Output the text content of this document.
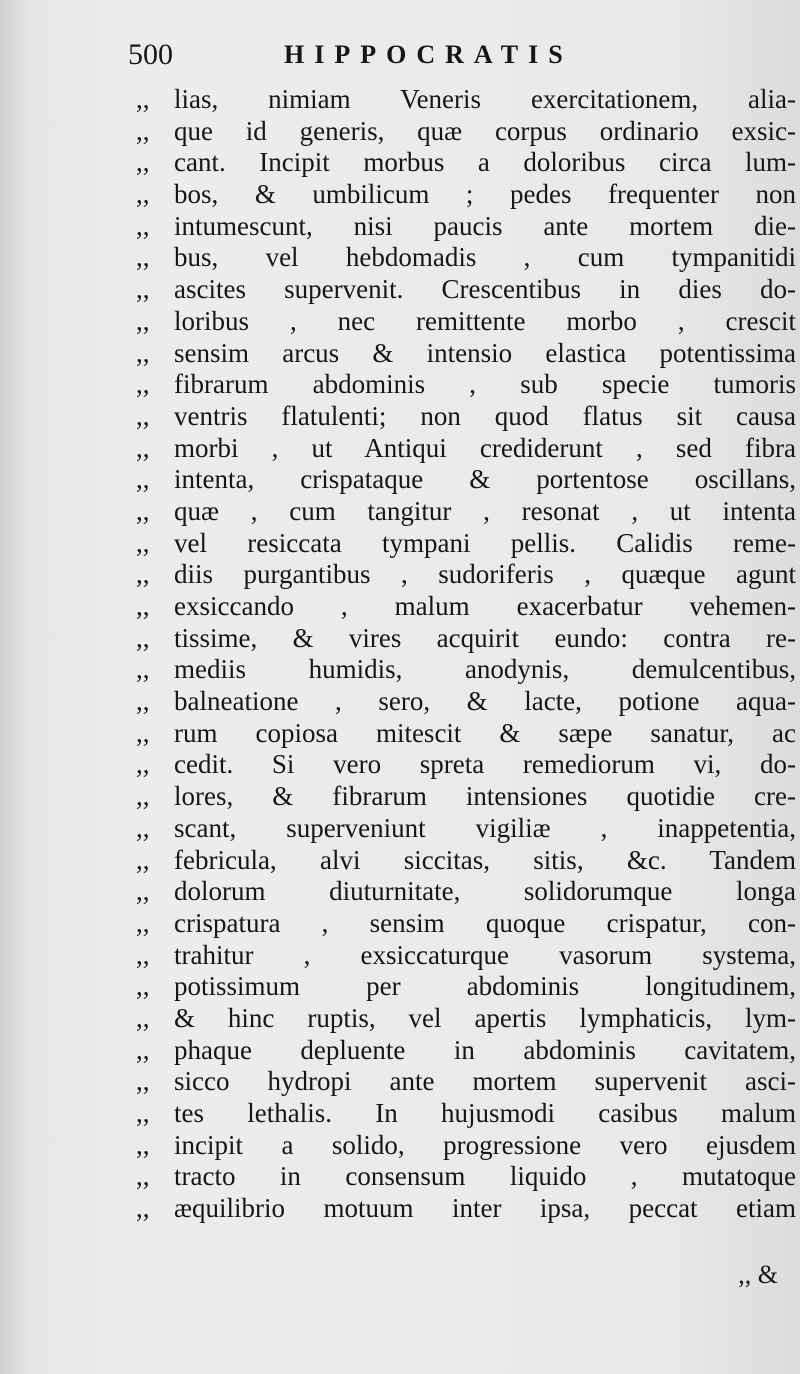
500	HIPPOCRATIS
,, lias, nimiam Veneris exercitationem, alia-
,, que id generis, quæ corpus ordinario exsic-
,, cant. Incipit morbus a doloribus circa lum-
,, bos, & umbilicum ; pedes frequenter non
,, intumescunt, nisi paucis ante mortem die-
,, bus, vel hebdomadis , cum tympanitidi
,, ascites supervenit. Crescentibus in dies do-
,, loribus , nec remittente morbo , crescit
,, sensim arcus & intensio elastica potentissima
,, fibrarum abdominis , sub specie tumoris
,, ventris flatulenti; non quod flatus sit causa
,, morbi , ut Antiqui crediderunt , sed fibra
,, intenta, crispataque & portentose oscillans,
,, quæ , cum tangitur , resonat , ut intenta
,, vel resiccata tympani pellis. Calidis reme-
,, diis purgantibus , sudoriferis , quæque agunt
,, exsiccando , malum exacerbatur vehemen-
,, tissime, & vires acquirit eundo: contra re-
,, mediis humidis, anodynis, demulcentibus,
,, balneatione , sero, & lacte, potione aqua-
,, rum copiosa mitescit & sæpe sanatur, ac
,, cedit. Si vero spreta remediorum vi, do-
,, lores, & fibrarum intensiones quotidie cre-
,, scant, superveniunt vigiliæ , inappetentia,
,, febricula, alvi siccitas, sitis, &c. Tandem
,, dolorum diuturnitate, solidorumque longa
,, crispatura , sensim quoque crispatur, con-
,, trahitur , exsiccaturque vasorum systema,
,, potissimum per abdominis longitudinem,
,, & hinc ruptis, vel apertis lymphaticis, lym-
,, phaque depluente in abdominis cavitatem,
,, sicco hydropi ante mortem supervenit asci-
,, tes lethalis. In hujusmodi casibus malum
,, incipit a solido, progressione vero ejusdem
,, tracto in consensum liquido , mutatoque
,, æquilibrio motuum inter ipsa, peccat etiam
,, &
